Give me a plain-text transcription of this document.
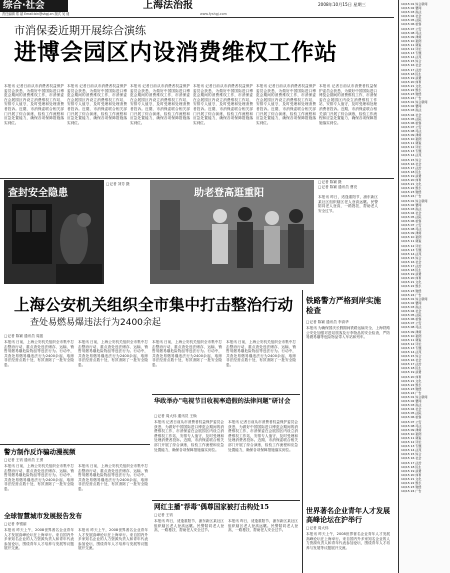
综合·社会
责任编辑 郑 斌 Email:bin@shgj.cn 版式 吴 迪
上海法治报	2008年10月15日 星期三
www.fyshgj.com
市消保委近期开展综合演练
进博会园区内设消费维权工作站
本报讯 记者日前从市消费者权益保护委员会获悉，为做好中国国际进口博览会期间的消费维权工作，市消保委在会展园区内设立消费维权工作站，安排专人值守，及时受理和处理消费者投诉。近期，市消保委联合相关部门开展了综合演练，检验工作流程和应急处置能力，确保各项保障措施落实到位。
本报讯 记者日前从市消费者权益保护委员会获悉，为做好中国国际进口博览会期间的消费维权工作，市消保委在会展园区内设立消费维权工作站，安排专人值守，及时受理和处理消费者投诉。近期，市消保委联合相关部门开展了综合演练，检验工作流程和应急处置能力，确保各项保障措施落实到位。
本报讯 记者日前从市消费者权益保护委员会获悉，为做好中国国际进口博览会期间的消费维权工作，市消保委在会展园区内设立消费维权工作站，安排专人值守，及时受理和处理消费者投诉。近期，市消保委联合相关部门开展了综合演练，检验工作流程和应急处置能力，确保各项保障措施落实到位。
本报讯 记者日前从市消费者权益保护委员会获悉，为做好中国国际进口博览会期间的消费维权工作，市消保委在会展园区内设立消费维权工作站，安排专人值守，及时受理和处理消费者投诉。近期，市消保委联合相关部门开展了综合演练，检验工作流程和应急处置能力，确保各项保障措施落实到位。
本报讯 记者日前从市消费者权益保护委员会获悉，为做好中国国际进口博览会期间的消费维权工作，市消保委在会展园区内设立消费维权工作站，安排专人值守，及时受理和处理消费者投诉。近期，市消保委联合相关部门开展了综合演练，检验工作流程和应急处置能力，确保各项保障措施落实到位。
本报讯 记者日前从市消费者权益保护委员会获悉，为做好中国国际进口博览会期间的消费维权工作，市消保委在会展园区内设立消费维权工作站，安排专人值守，及时受理和处理消费者投诉。近期，市消保委联合相关部门开展了综合演练，检验工作流程和应急处置能力，确保各项保障措施落实到位。
查封安全隐患
□记者 刘芳 摄
助老登高逛重阳
□记者 陈颖 摄
□记者 陈颖 通讯员 曹亮
本报讯 昨日，适逢重阳节，浦东新区某社区组织辖区老人登高远眺。民警陪同老人登高，一路搀扶，帮助老人安全过节。
上海公安机关组织全市集中打击整治行动
查处易燃易爆违法行为2400余起
□记者 陈颖 通讯员 周振
本报讯 日前，上海公安机关组织全市集中打击整治行动，重点查处违法储存、运输、销售易燃易爆危险物品等违法行为。行动中，共查处易燃易爆违法行为2400余起，取缔非法经营点数十处，有效消除了一批安全隐患。
本报讯 日前，上海公安机关组织全市集中打击整治行动，重点查处违法储存、运输、销售易燃易爆危险物品等违法行为。行动中，共查处易燃易爆违法行为2400余起，取缔非法经营点数十处，有效消除了一批安全隐患。
本报讯 日前，上海公安机关组织全市集中打击整治行动，重点查处违法储存、运输、销售易燃易爆危险物品等违法行为。行动中，共查处易燃易爆违法行为2400余起，取缔非法经营点数十处，有效消除了一批安全隐患。
本报讯 日前，上海公安机关组织全市集中打击整治行动，重点查处违法储存、运输、销售易燃易爆危险物品等违法行为。行动中，共查处易燃易爆违法行为2400余起，取缔非法经营点数十处，有效消除了一批安全隐患。
铁路警方严格到岸实施检查
□记者 陈颖 通讯员 李高华
本报讯 为确保国庆长假期间铁路运输安全，上海铁路公安处加强对进站旅客及行李物品的安全检查，严防易燃易爆等危险物品带入车站和列车。
世界著名企业青年人才发展高峰论坛在沪举行
□记者 周大伟
本报讯 昨天上午，2008世界著名企业青年人才发展高峰论坛在上海举行。来自国内外多家知名企业的人力资源负责人和青年代表参加论坛，围绕青年人才培养与发展等议题展开交流。
警方制作反诈骗动漫视频
□记者 王钧 通讯员 王勇
本报讯 日前，上海公安机关组织全市集中打击整治行动，重点查处违法储存、运输、销售易燃易爆危险物品等违法行为。行动中，共查处易燃易爆违法行为2400余起，取缔非法经营点数十处，有效消除了一批安全隐患。
本报讯 日前，上海公安机关组织全市集中打击整治行动，重点查处违法储存、运输、销售易燃易爆危险物品等违法行为。行动中，共查处易燃易爆违法行为2400余起，取缔非法经营点数十处，有效消除了一批安全隐患。
全球智慧城市发展报告发布
□记者 李银丽
本报讯 昨天上午，2008世界著名企业青年人才发展高峰论坛在上海举行。来自国内外多家知名企业的人力资源负责人和青年代表参加论坛，围绕青年人才培养与发展等议题展开交流。
本报讯 昨天上午，2008世界著名企业青年人才发展高峰论坛在上海举行。来自国内外多家知名企业的人力资源负责人和青年代表参加论坛，围绕青年人才培养与发展等议题展开交流。
华政举办"电视节目收视率造假的法律问题"研讨会
□记者 周大伟 通讯员 王焕
本报讯 记者日前从市消费者权益保护委员会获悉，为做好中国国际进口博览会期间的消费维权工作，市消保委在会展园区内设立消费维权工作站，安排专人值守，及时受理和处理消费者投诉。近期，市消保委联合相关部门开展了综合演练，检验工作流程和应急处置能力，确保各项保障措施落实到位。
本报讯 记者日前从市消费者权益保护委员会获悉，为做好中国国际进口博览会期间的消费维权工作，市消保委在会展园区内设立消费维权工作站，安排专人值守，及时受理和处理消费者投诉。近期，市消保委联合相关部门开展了综合演练，检验工作流程和应急处置能力，确保各项保障措施落实到位。
网红主播"荐毒"偶尊国家被打击构处15
□记者 王钧
本报讯 昨日，适逢重阳节，浦东新区某社区组织辖区老人登高远眺。民警陪同老人登高，一路搀扶，帮助老人安全过节。
本报讯 昨日，适逢重阳节，浦东新区某社区组织辖区老人登高远眺。民警陪同老人登高，一路搀扶，帮助老人安全过节。
10/15 01 综合新闻
10/15 02 要闻
10/15 03 政法
10/15 04 社会
10/15 05 法院
10/15 06 检察
10/15 07 公安
10/15 08 司法
10/15 09 律师
10/15 10 案例
10/15 11 调查
10/15 12 评论
10/15 13 专题
10/15 14 法苑
10/15 15 综合
10/15 16 社会
10/15 17 法治
10/15 18 民生
10/15 19 消费
10/15 20 体育
10/15 21 文化
10/15 22 娱乐
10/15 23 财经
10/15 24 广告
10/15 01 综合新闻
10/15 02 要闻
10/15 03 政法
10/15 04 社会
10/15 05 法院
10/15 06 检察
10/15 07 公安
10/15 08 司法
10/15 09 律师
10/15 10 案例
10/15 11 调查
10/15 12 评论
10/15 13 专题
10/15 14 法苑
10/15 15 综合
10/15 16 社会
10/15 17 法治
10/15 18 民生
10/15 19 消费
10/15 20 体育
10/15 21 文化
10/15 22 娱乐
10/15 23 财经
10/15 24 广告
10/15 01 综合新闻
10/15 02 要闻
10/15 03 政法
10/15 04 社会
10/15 05 法院
10/15 06 检察
10/15 07 公安
10/15 08 司法
10/15 09 律师
10/15 10 案例
10/15 11 调查
10/15 12 评论
10/15 13 专题
10/15 14 法苑
10/15 15 综合
10/15 16 社会
10/15 17 法治
10/15 18 民生
10/15 19 消费
10/15 20 体育
10/15 21 文化
10/15 22 娱乐
10/15 23 财经
10/15 24 广告
10/15 01 综合新闻
10/15 02 要闻
10/15 03 政法
10/15 04 社会
10/15 05 法院
10/15 06 检察
10/15 07 公安
10/15 08 司法
10/15 09 律师
10/15 10 案例
10/15 11 调查
10/15 12 评论
10/15 13 专题
10/15 14 法苑
10/15 15 综合
10/15 16 社会
10/15 17 法治
10/15 18 民生
10/15 19 消费
10/15 20 体育
10/15 21 文化
10/15 22 娱乐
10/15 23 财经
10/15 24 广告
10/15 01 综合新闻
10/15 02 要闻
10/15 03 政法
10/15 04 社会
10/15 05 法院
10/15 06 检察
10/15 07 公安
10/15 08 司法
10/15 09 律师
10/15 10 案例
10/15 11 调查
10/15 12 评论
10/15 13 专题
10/15 14 法苑
10/15 15 综合
10/15 16 社会
10/15 17 法治
10/15 18 民生
10/15 19 消费
10/15 20 体育
10/15 21 文化
10/15 22 娱乐
10/15 23 财经
10/15 24 广告
